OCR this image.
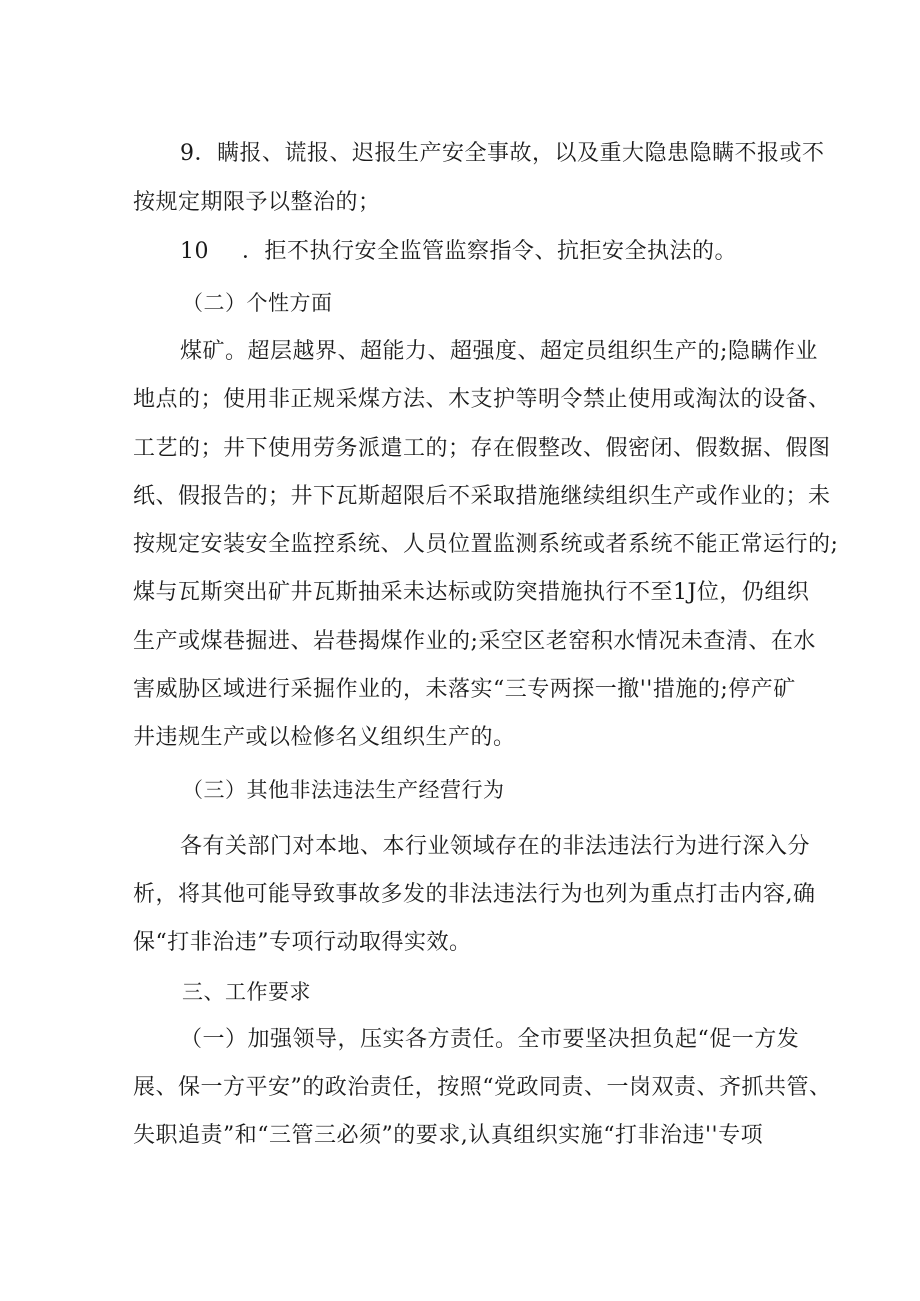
9．瞒报、谎报、迟报生产安全事故，以及重大隐患隐瞒不报或不
按规定期限予以整治的；
10 ．拒不执行安全监管监察指令、抗拒安全执法的。
（二）个性方面
煤矿。超层越界、超能力、超强度、超定员组织生产的;隐瞒作业
地点的；使用非正规采煤方法、木支护等明令禁止使用或淘汰的设备、
工艺的；井下使用劳务派遣工的；存在假整改、假密闭、假数据、假图
纸、假报告的；井下瓦斯超限后不采取措施继续组织生产或作业的；未
按规定安装安全监控系统、人员位置监测系统或者系统不能正常运行的;
煤与瓦斯突出矿井瓦斯抽采未达标或防突措施执行不至1J位，仍组织
生产或煤巷掘进、岩巷揭煤作业的;采空区老窑积水情况未查清、在水
害威胁区域进行采掘作业的，未落实“三专两探一撤''措施的;停产矿
井违规生产或以检修名义组织生产的。
（三）其他非法违法生产经营行为
各有关部门对本地、本行业领域存在的非法违法行为进行深入分
析，将其他可能导致事故多发的非法违法行为也列为重点打击内容,确
保“打非治违”专项行动取得实效。
三、工作要求
（一）加强领导，压实各方责任。全市要坚决担负起“促一方发
展、保一方平安”的政治责任，按照“党政同责、一岗双责、齐抓共管、
失职追责”和“三管三必须”的要求,认真组织实施“打非治违''专项
